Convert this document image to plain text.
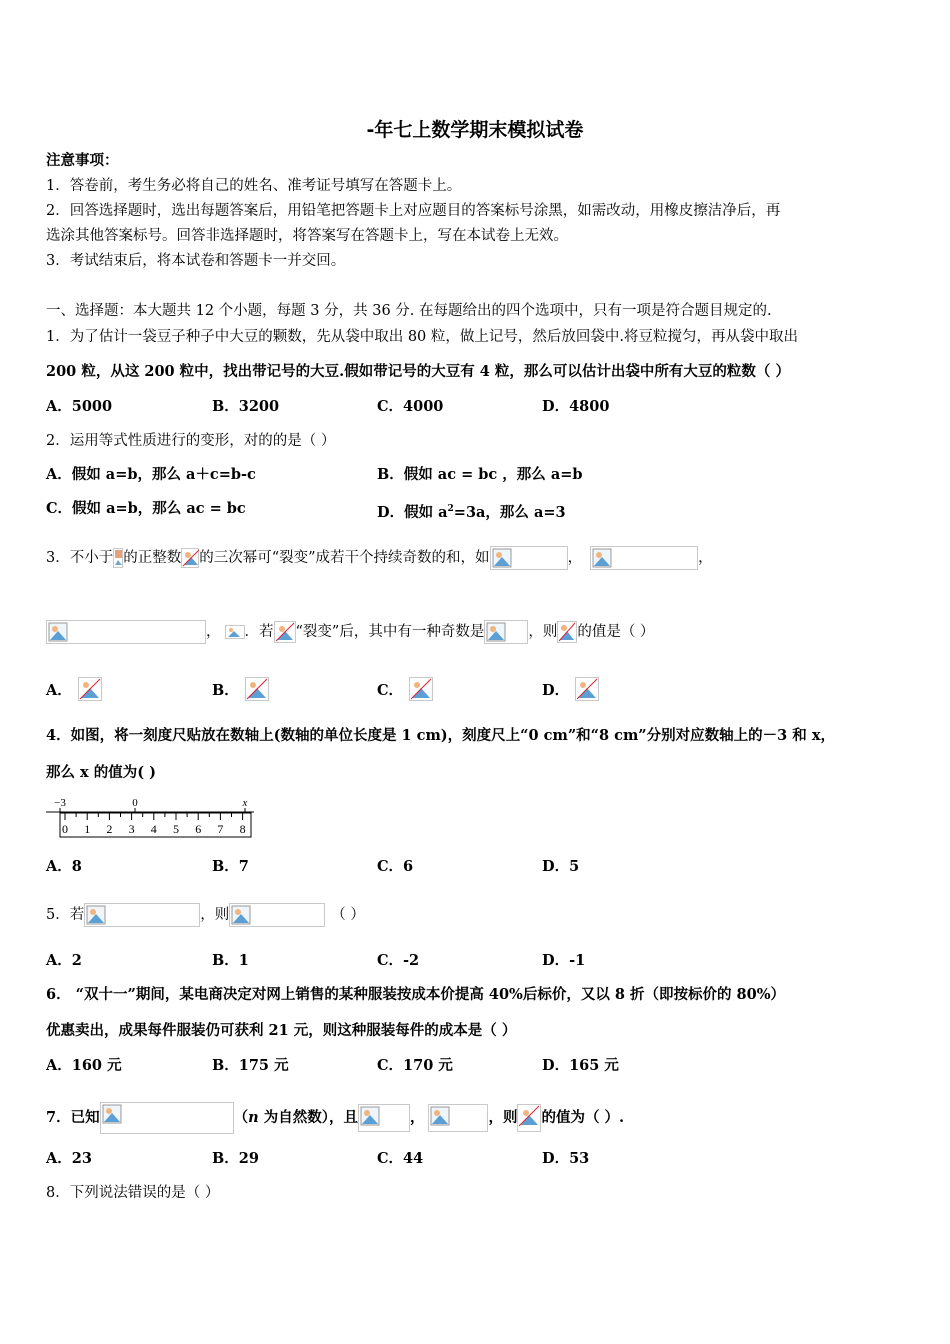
-年七上数学期末模拟试卷
注意事项：
1．答卷前，考生务必将自己的姓名、准考证号填写在答题卡上。
2．回答选择题时，选出每题答案后，用铅笔把答题卡上对应题目的答案标号涂黑，如需改动，用橡皮擦洁净后，再
选涂其他答案标号。回答非选择题时，将答案写在答题卡上，写在本试卷上无效。
3．考试结束后，将本试卷和答题卡一并交回。
一、选择题：本大题共 12 个小题，每题 3 分，共 36 分. 在每题给出的四个选项中，只有一项是符合题目规定的.
1．为了估计一袋豆子种子中大豆的颗数，先从袋中取出 80 粒，做上记号，然后放回袋中.将豆粒搅匀，再从袋中取出
200 粒，从这 200 粒中，找出带记号的大豆.假如带记号的大豆有 4 粒，那么可以估计出袋中所有大豆的粒数（ ）
A．5000	B．3200	C．4000	D．4800
2．运用等式性质进行的变形，对的的是（ ）
A．假如 a=b，那么 a＋c=b-c	B．假如 ac = bc ，那么 a=b
C．假如 a=b，那么 ac = bc	D．假如 $a^2=3a$，那么 a=3
3．不小于 的正整数 的三次幂可“裂变”成若干个持续奇数的和，如	，	，
， ．若 “裂变”后，其中有一种奇数是	，则 的值是（ ）
A．	B．	C．	D．
4．如图，将一刻度尺贴放在数轴上(数轴的单位长度是 1 cm)，刻度尺上“0 cm”和“8 cm”分别对应数轴上的－3 和 x，
那么 x 的值为( )
−3	0	x
0 1 2 3 4 5 6 7 8
A．8	B．7	C．6	D．5
5．若	，则	（ ）
A．2	B．1	C．-2	D．-1
6． “双十一”期间，某电商决定对网上销售的某种服装按成本价提高 40%后标价，又以 8 折（即按标价的 80%）
优惠卖出，成果每件服装仍可获利 21 元，则这种服装每件的成本是（ ）
A．160 元	B．175 元	C．170 元	D．165 元
7．已知	（n 为自然数），且	，	，则 的值为（ ）.
A．23	B．29	C．44	D．53
8．下列说法错误的是（ ）
